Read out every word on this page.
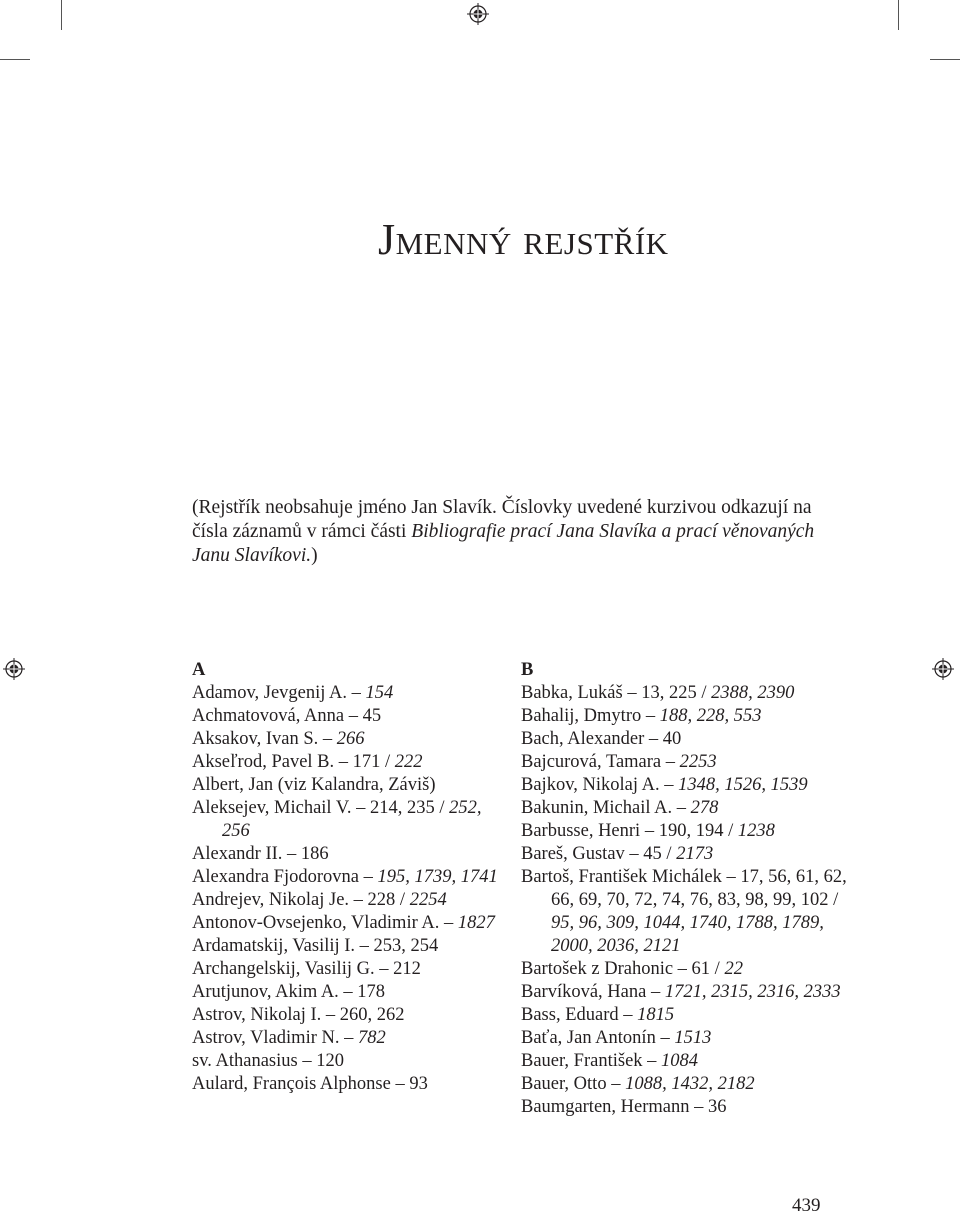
Jmenný rejstřík

(Rejstřík neobsahuje jméno Jan Slavík. Číslovky uvedené kurzivou odkazují na čísla záznamů v rámci části Bibliografie prací Jana Slavíka a prací věnovaných Janu Slavíkovi.)

A

Adamov, Jevgenij A. – 154

Achmatovová, Anna – 45

Aksakov, Ivan S. – 266

Akseľrod, Pavel B. – 171 / 222

Albert, Jan (viz Kalandra, Záviš)

Aleksejev, Michail V. – 214, 235 / 252, 256

Alexandr II. – 186

Alexandra Fjodorovna – 195, 1739, 1741

Andrejev, Nikolaj Je. – 228 / 2254

Antonov-Ovsejenko, Vladimir A. – 1827

Ardamatskij, Vasilij I. – 253, 254

Archangelskij, Vasilij G. – 212

Arutjunov, Akim A. – 178

Astrov, Nikolaj I. – 260, 262

Astrov, Vladimir N. – 782

sv. Athanasius – 120

Aulard, François Alphonse – 93

B

Babka, Lukáš – 13, 225 / 2388, 2390

Bahalij, Dmytro – 188, 228, 553

Bach, Alexander – 40

Bajcurová, Tamara – 2253

Bajkov, Nikolaj A. – 1348, 1526, 1539

Bakunin, Michail A. – 278

Barbusse, Henri – 190, 194 / 1238

Bareš, Gustav – 45 / 2173

Bartoš, František Michálek – 17, 56, 61, 62, 66, 69, 70, 72, 74, 76, 83, 98, 99, 102 / 95, 96, 309, 1044, 1740, 1788, 1789, 2000, 2036, 2121

Bartošek z Drahonic – 61 / 22

Barvíková, Hana – 1721, 2315, 2316, 2333

Bass, Eduard – 1815

Baťa, Jan Antonín – 1513

Bauer, František – 1084

Bauer, Otto – 1088, 1432, 2182

Baumgarten, Hermann – 36

439
